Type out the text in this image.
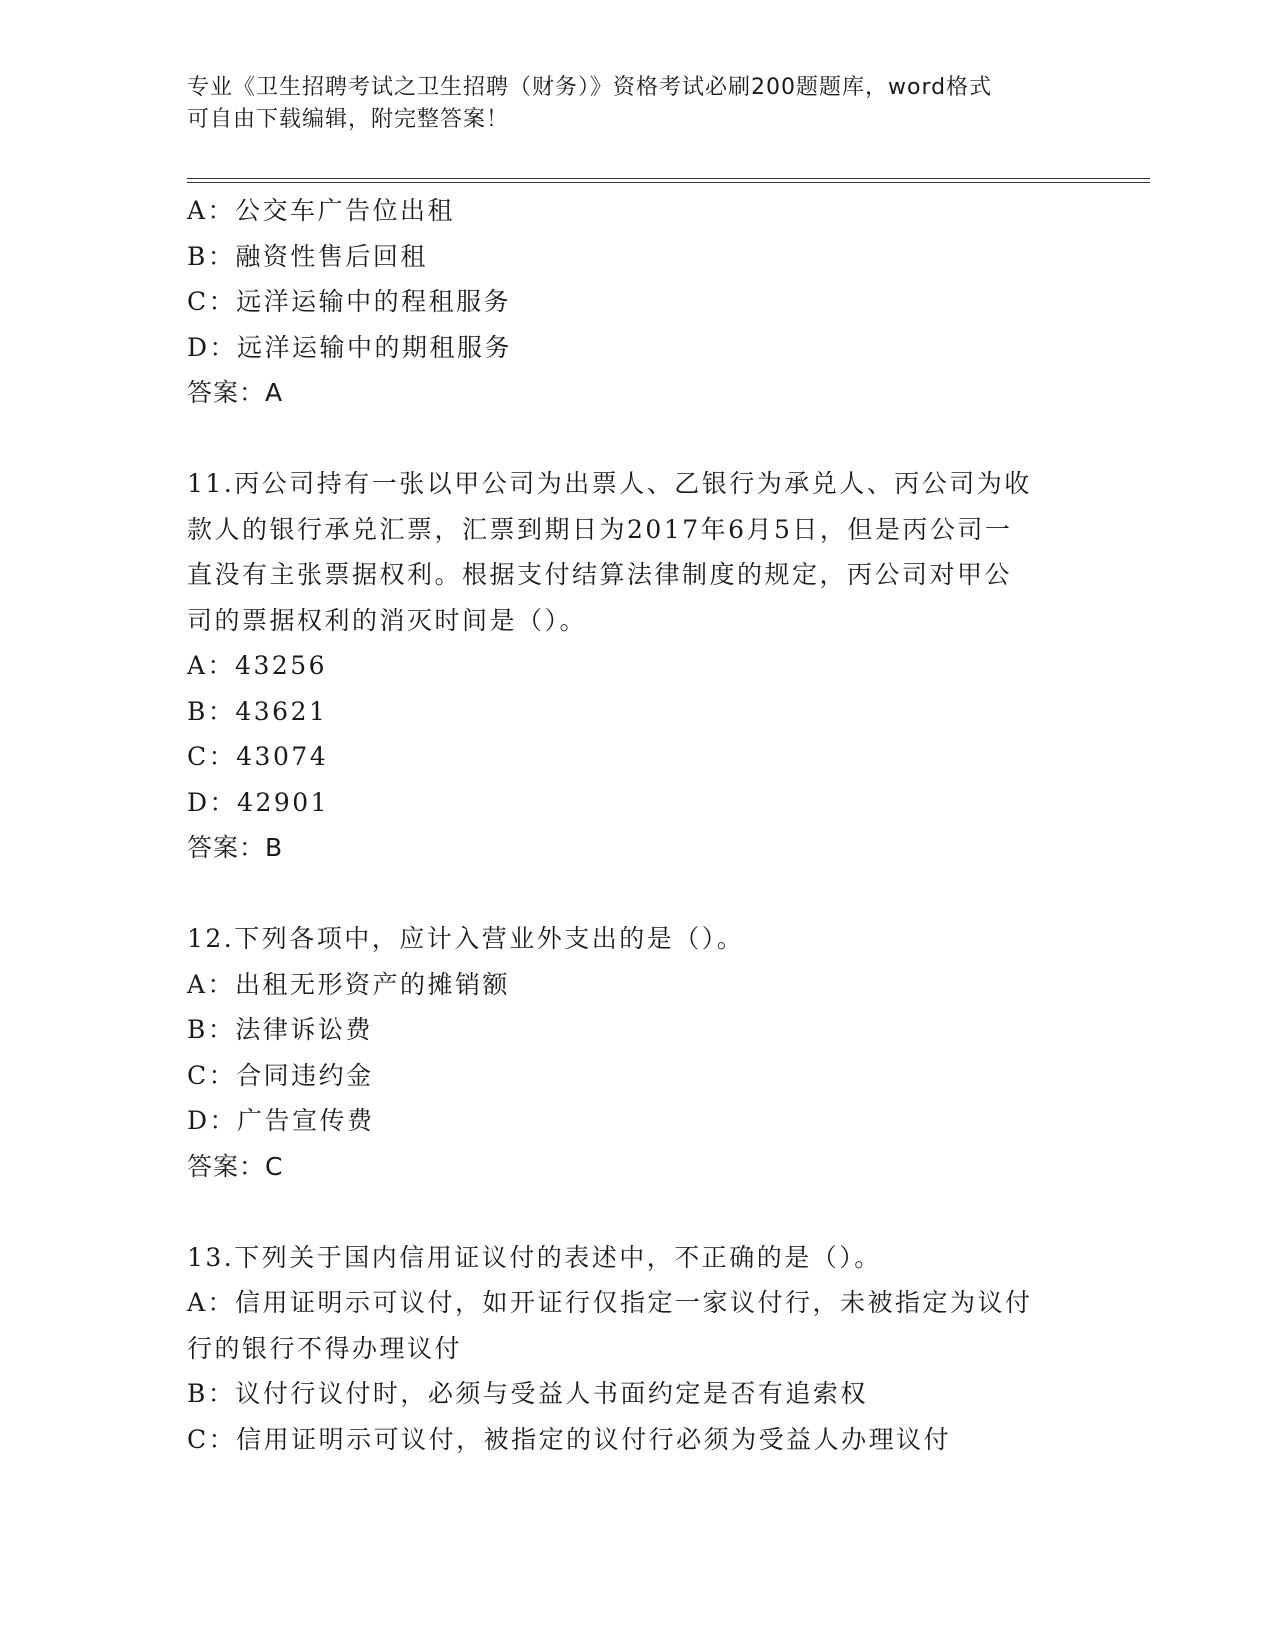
专业《卫生招聘考试之卫生招聘（财务）》资格考试必刷200题题库，word格式
可自由下载编辑，附完整答案！
A：公交车广告位出租
B：融资性售后回租
C：远洋运输中的程租服务
D：远洋运输中的期租服务
答案：A
11.丙公司持有一张以甲公司为出票人、乙银行为承兑人、丙公司为收
款人的银行承兑汇票，汇票到期日为2017年6月5日，但是丙公司一
直没有主张票据权利。根据支付结算法律制度的规定，丙公司对甲公
司的票据权利的消灭时间是（）。
A：43256
B：43621
C：43074
D：42901
答案：B
12.下列各项中，应计入营业外支出的是（）。
A：出租无形资产的摊销额
B：法律诉讼费
C：合同违约金
D：广告宣传费
答案：C
13.下列关于国内信用证议付的表述中，不正确的是（）。
A：信用证明示可议付，如开证行仅指定一家议付行，未被指定为议付
行的银行不得办理议付
B：议付行议付时，必须与受益人书面约定是否有追索权
C：信用证明示可议付，被指定的议付行必须为受益人办理议付
